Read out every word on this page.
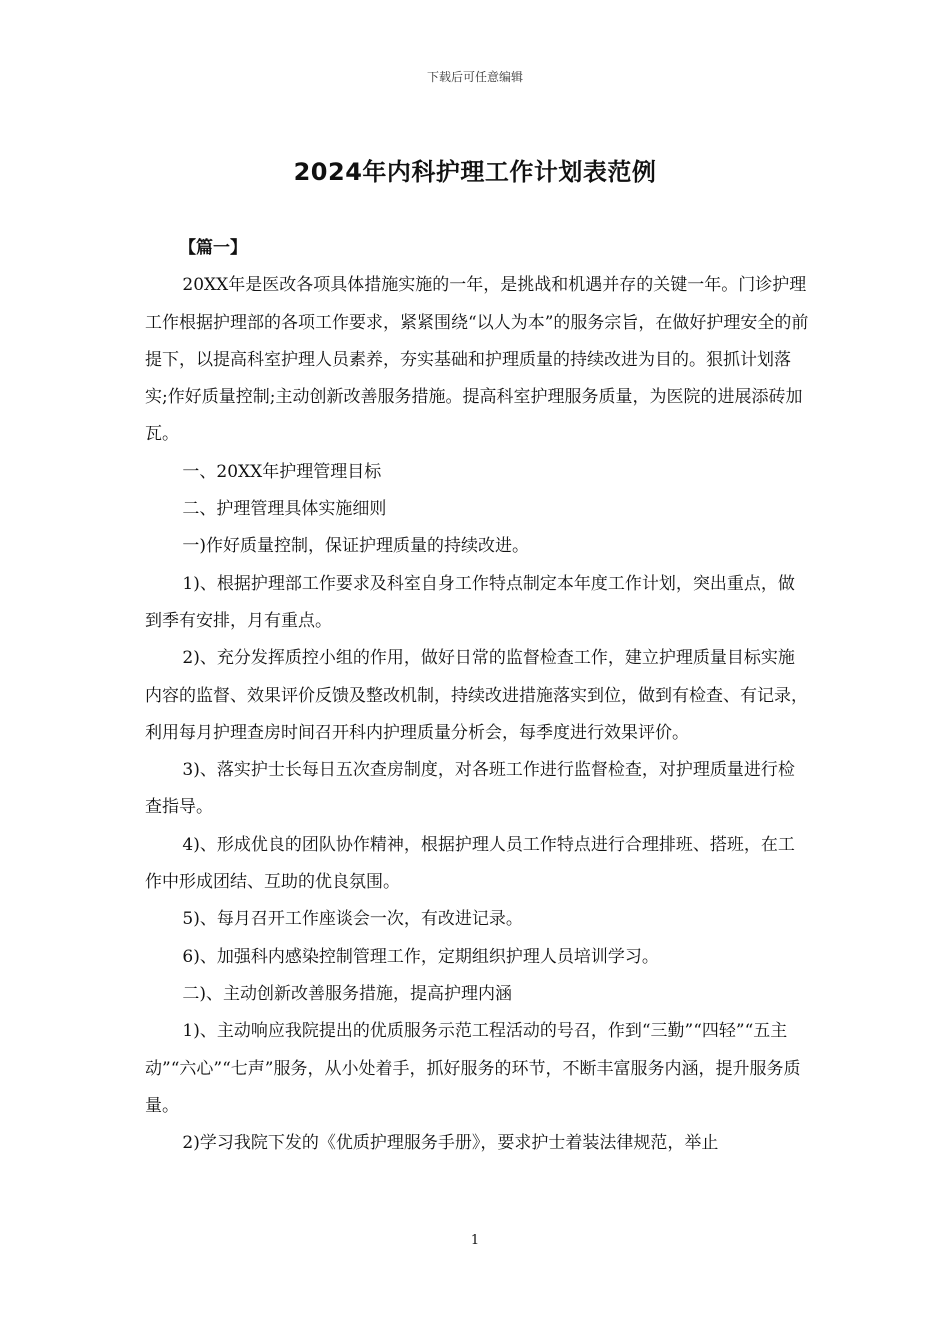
下载后可任意编辑
2024年内科护理工作计划表范例

【篇一】

20XX年是医改各项具体措施实施的一年，是挑战和机遇并存的关键一年。门诊护理工作根据护理部的各项工作要求，紧紧围绕“以人为本”的服务宗旨，在做好护理安全的前提下，以提高科室护理人员素养，夯实基础和护理质量的持续改进为目的。狠抓计划落实;作好质量控制;主动创新改善服务措施。提高科室护理服务质量，为医院的进展添砖加瓦。

一、20XX年护理管理目标

二、护理管理具体实施细则

一)作好质量控制，保证护理质量的持续改进。

1)、根据护理部工作要求及科室自身工作特点制定本年度工作计划，突出重点，做到季有安排，月有重点。

2)、充分发挥质控小组的作用，做好日常的监督检查工作，建立护理质量目标实施内容的监督、效果评价反馈及整改机制，持续改进措施落实到位，做到有检查、有记录，利用每月护理查房时间召开科内护理质量分析会，每季度进行效果评价。

3)、落实护士长每日五次查房制度，对各班工作进行监督检查，对护理质量进行检查指导。

4)、形成优良的团队协作精神，根据护理人员工作特点进行合理排班、搭班，在工作中形成团结、互助的优良氛围。

5)、每月召开工作座谈会一次，有改进记录。

6)、加强科内感染控制管理工作，定期组织护理人员培训学习。

二)、主动创新改善服务措施，提高护理内涵

1)、主动响应我院提出的优质服务示范工程活动的号召，作到“三勤”“四轻”“五主动”“六心”“七声”服务，从小处着手，抓好服务的环节，不断丰富服务内涵，提升服务质量。

2)学习我院下发的《优质护理服务手册》，要求护士着装法律规范，举止

1
